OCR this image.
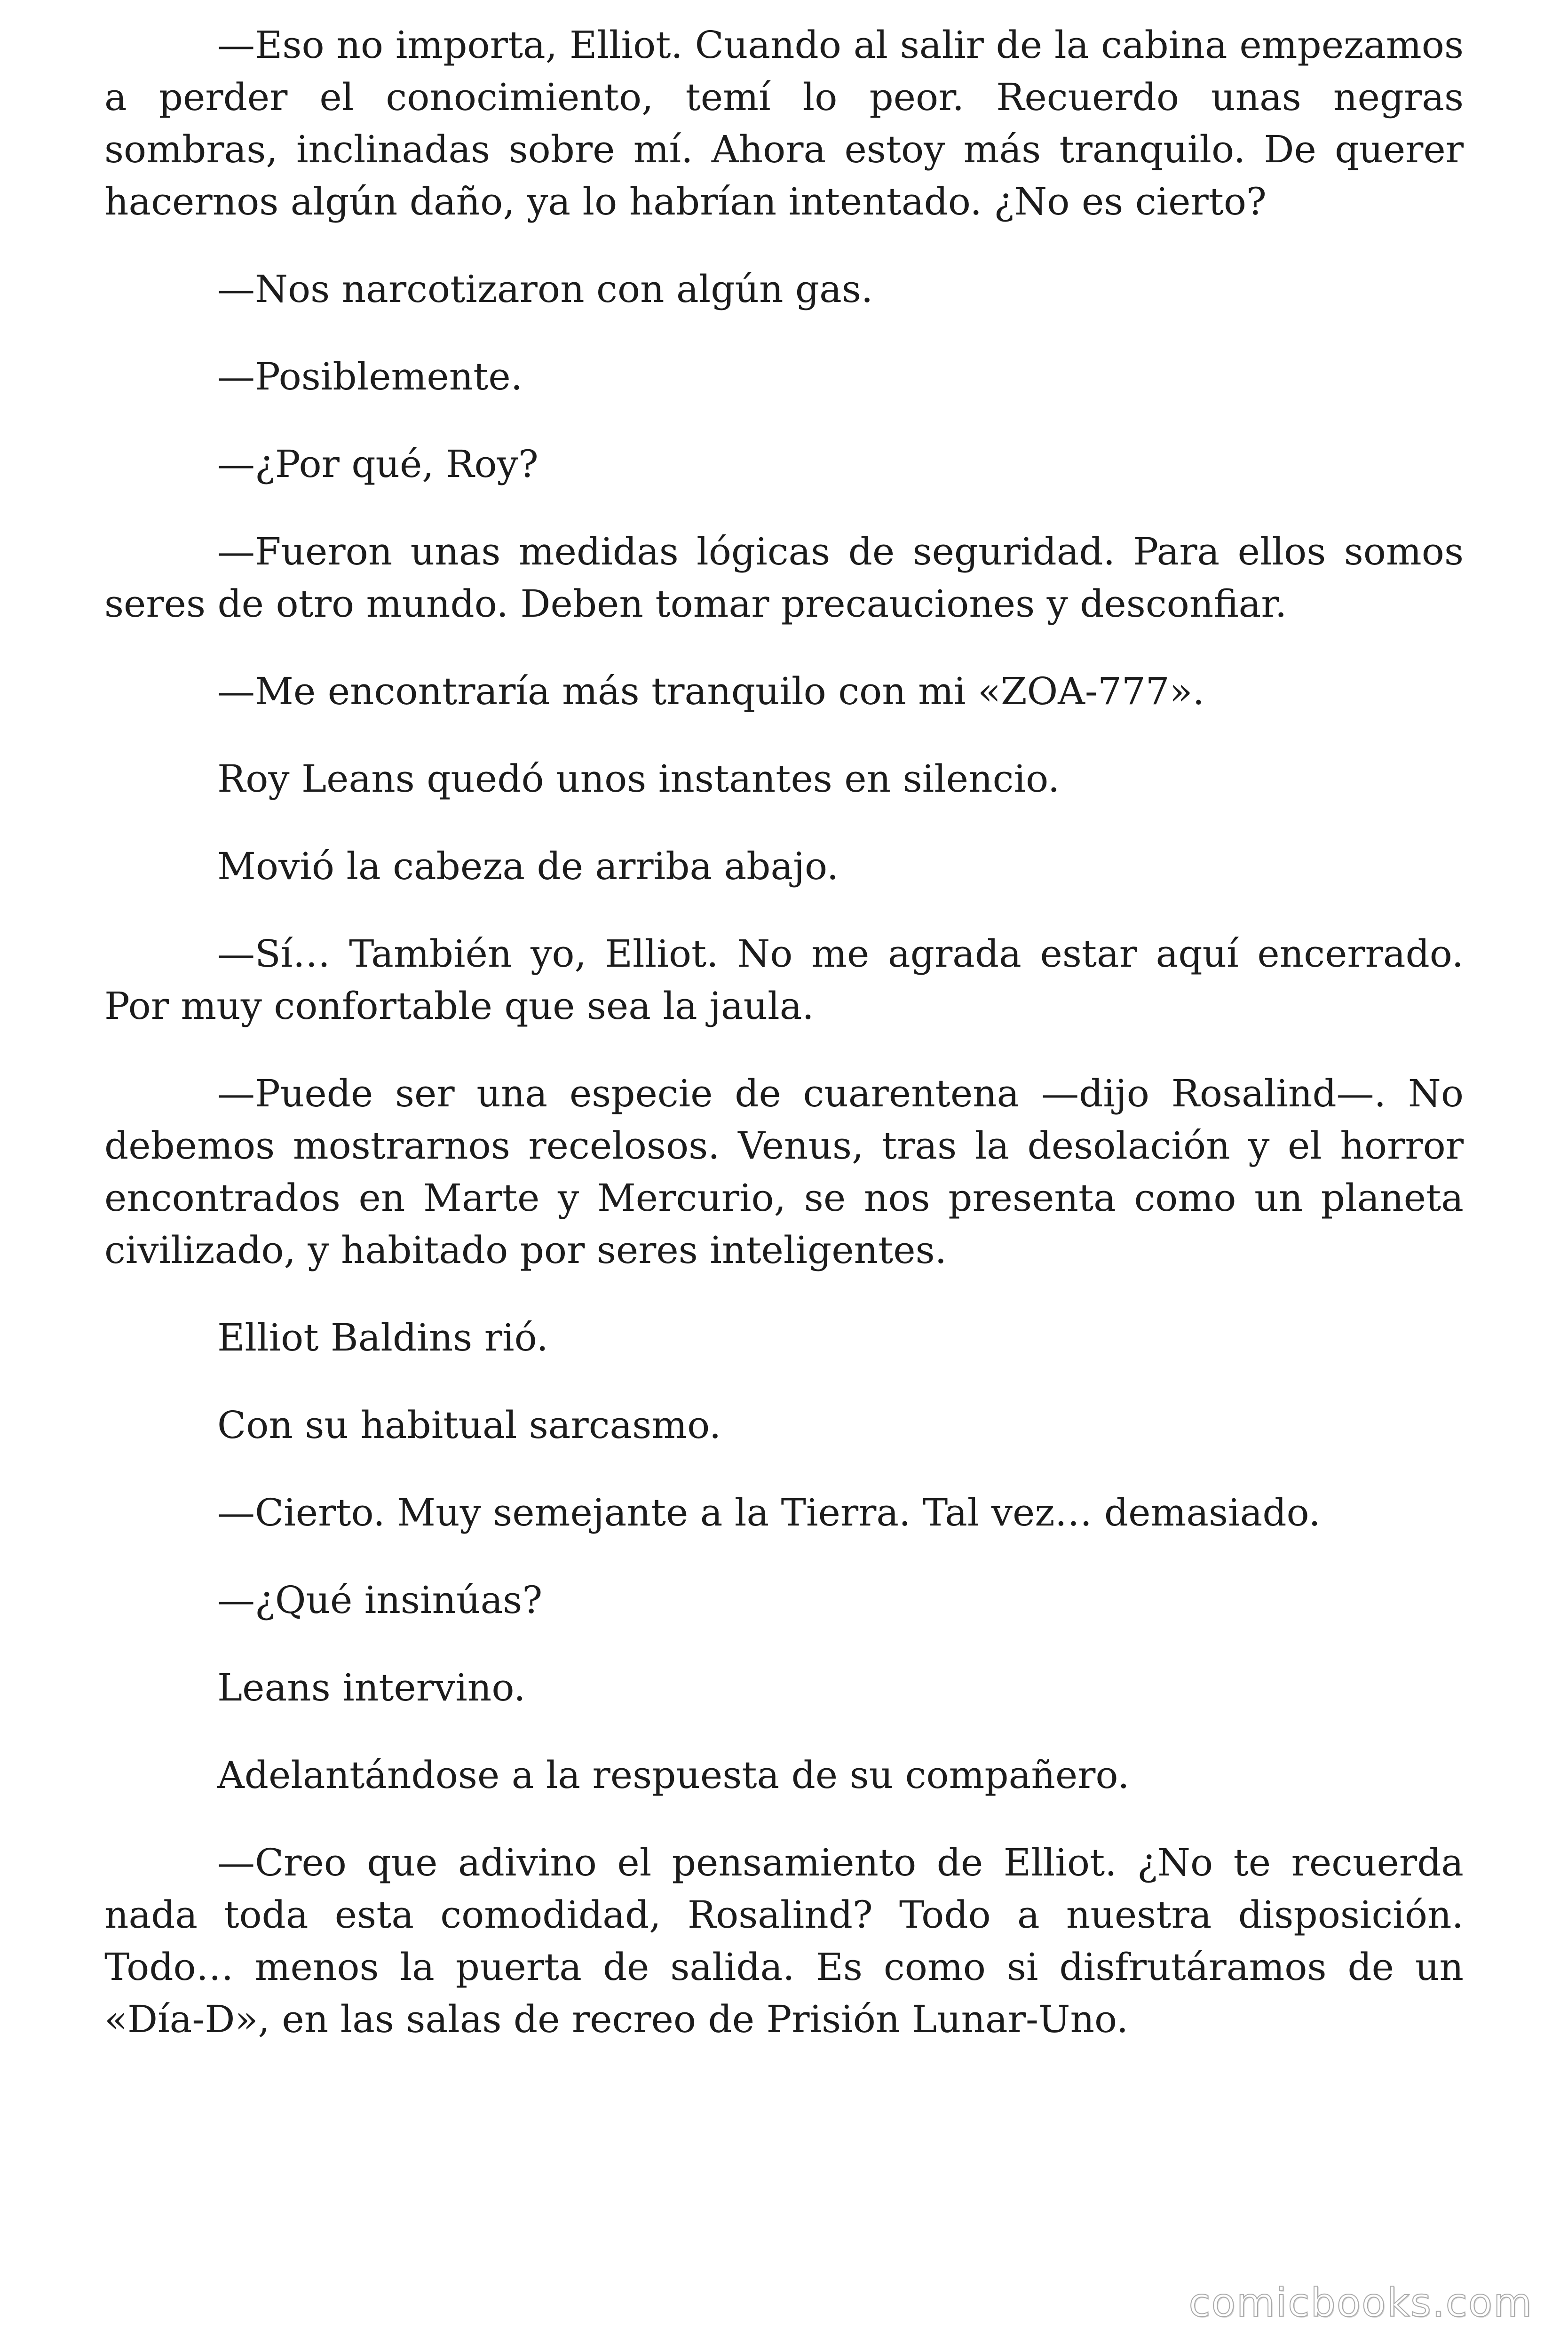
—Eso no importa, Elliot. Cuando al salir de la cabina empezamos a perder el conocimiento, temí lo peor. Recuerdo unas negras sombras, inclinadas sobre mí. Ahora estoy más tranquilo. De querer hacernos algún daño, ya lo habrían intentado. ¿No es cierto?

—Nos narcotizaron con algún gas.

—Posiblemente.

—¿Por qué, Roy?

—Fueron unas medidas lógicas de seguridad. Para ellos somos seres de otro mundo. Deben tomar precauciones y desconfiar.

—Me encontraría más tranquilo con mi «ZOA-777».

Roy Leans quedó unos instantes en silencio.

Movió la cabeza de arriba abajo.

—Sí… También yo, Elliot. No me agrada estar aquí encerrado. Por muy confortable que sea la jaula.

—Puede ser una especie de cuarentena —dijo Rosalind—. No debemos mostrarnos recelosos. Venus, tras la desolación y el horror encontrados en Marte y Mercurio, se nos presenta como un planeta civilizado, y habitado por seres inteligentes.

Elliot Baldins rió.

Con su habitual sarcasmo.

—Cierto. Muy semejante a la Tierra. Tal vez… demasiado.

—¿Qué insinúas?

Leans intervino.

Adelantándose a la respuesta de su compañero.

—Creo que adivino el pensamiento de Elliot. ¿No te recuerda nada toda esta comodidad, Rosalind? Todo a nuestra disposición. Todo… menos la puerta de salida. Es como si disfrutáramos de un «Día-D», en las salas de recreo de Prisión Lunar-Uno.

comicbooks.com
